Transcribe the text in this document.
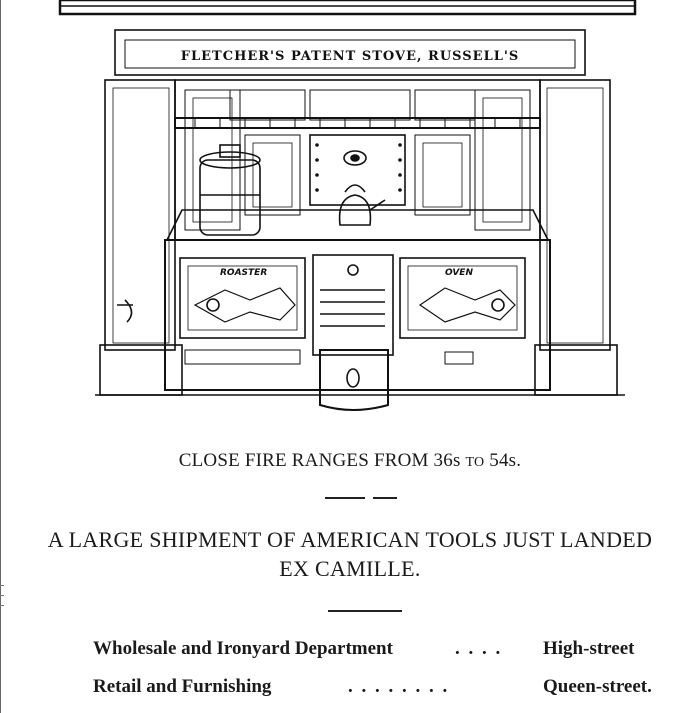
ROASTER	OVEN
FLETCHER'S PATENT STOVE, RUSSELL'S
CLOSE FIRE RANGES FROM 36s TO 54s.
A LARGE SHIPMENT OF AMERICAN TOOLS JUST LANDED
EX CAMILLE.
Wholesale and Ironyard Department	. . . . High-street
Retail and Furnishing	. . . . . . . .	Queen-street.
